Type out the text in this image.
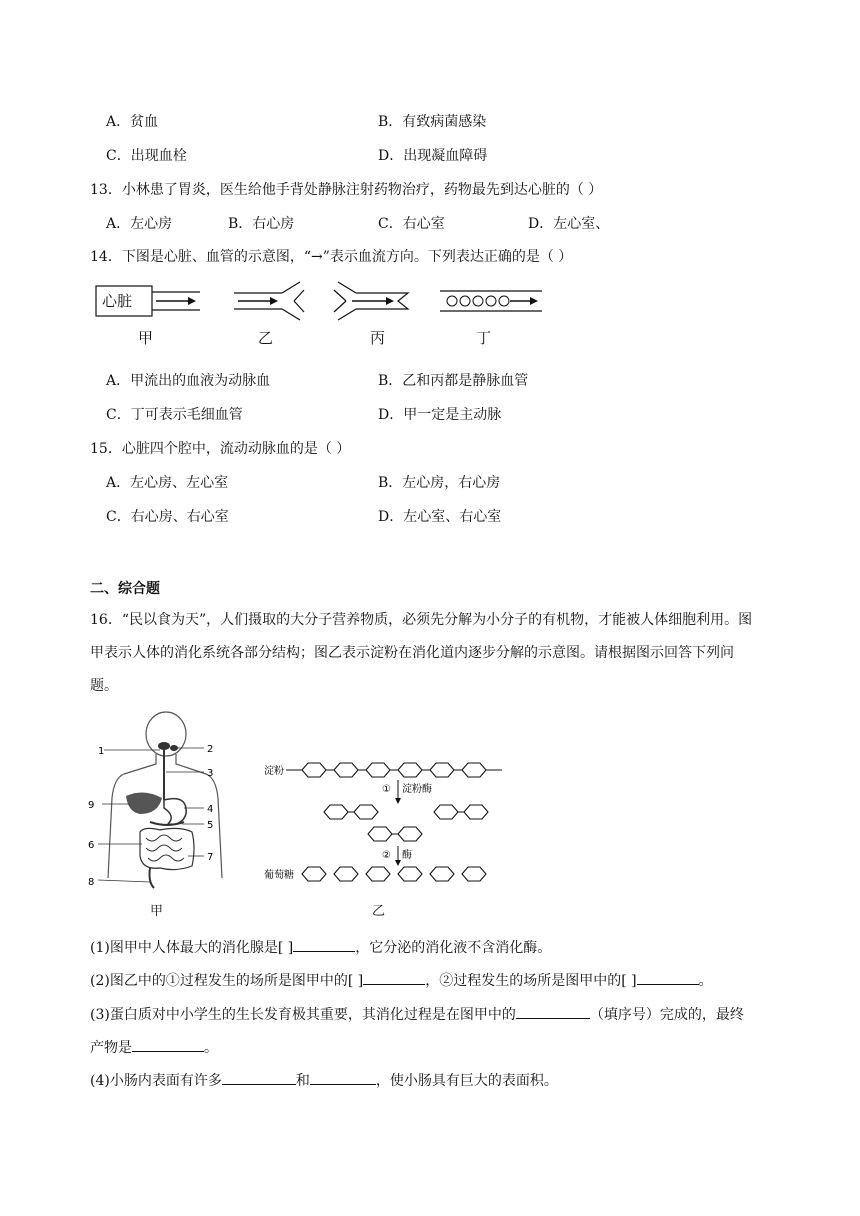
A．贫血	B．有致病菌感染
C．出现血栓	D．出现凝血障碍
13．小林患了胃炎，医生给他手背处静脉注射药物治疗，药物最先到达心脏的（ ）
A．左心房	B．右心房	C．右心室	D．左心室、
14．下图是心脏、血管的示意图，“→”表示血流方向。下列表达正确的是（ ）
心脏
甲	乙	丙	丁
A．甲流出的血液为动脉血	B．乙和丙都是静脉血管
C．丁可表示毛细血管	D．甲一定是主动脉
15．心脏四个腔中，流动动脉血的是（ ）
A．左心房、左心室	B．左心房，右心房
C．右心房、右心室	D．左心室、右心室
二、综合题
16．“民以食为天”，人们摄取的大分子营养物质，必须先分解为小分子的有机物，才能被人体细胞利用。图
甲表示人体的消化系统各部分结构；图乙表示淀粉在消化道内逐步分解的示意图。请根据图示回答下列问
题。
1	2
3
4
5
6
7
8
9
甲
淀粉
① 淀粉酶
② 酶
葡萄糖
乙
(1)图甲中人体最大的消化腺是[ ]	，它分泌的消化液不含消化酶。
(2)图乙中的①过程发生的场所是图甲中的[ ]	，②过程发生的场所是图甲中的[ ]	。
(3)蛋白质对中小学生的生长发育极其重要，其消化过程是在图甲中的	（填序号）完成的，最终
产物是	。
(4)小肠内表面有许多	和	，使小肠具有巨大的表面积。
